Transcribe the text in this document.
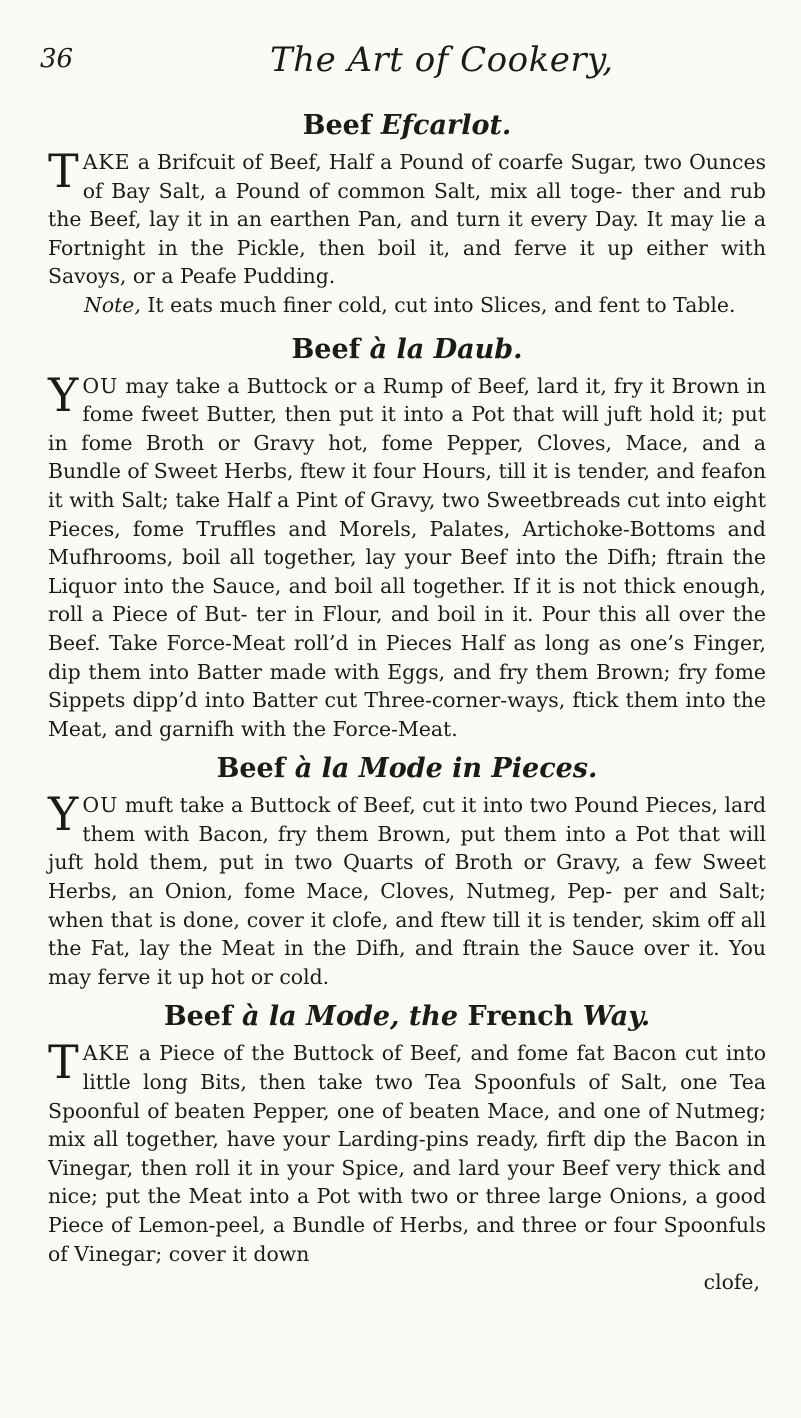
36	The Art of Cookery,
Beef Efcarlot.

TAKE a Brifcuit of Beef, Half a Pound of coarfe Sugar, two Ounces of Bay Salt, a Pound of common Salt, mix all toge- ther and rub the Beef, lay it in an earthen Pan, and turn it every Day. It may lie a Fortnight in the Pickle, then boil it, and ferve it up either with Savoys, or a Peafe Pudding.

Note, It eats much finer cold, cut into Slices, and fent to Table.

Beef à la Daub.

YOU may take a Buttock or a Rump of Beef, lard it, fry it Brown in fome fweet Butter, then put it into a Pot that will juft hold it; put in fome Broth or Gravy hot, fome Pepper, Cloves, Mace, and a Bundle of Sweet Herbs, ftew it four Hours, till it is tender, and feafon it with Salt; take Half a Pint of Gravy, two Sweetbreads cut into eight Pieces, fome Truffles and Morels, Palates, Artichoke-Bottoms and Mufhrooms, boil all together, lay your Beef into the Difh; ftrain the Liquor into the Sauce, and boil all together. If it is not thick enough, roll a Piece of But- ter in Flour, and boil in it. Pour this all over the Beef. Take Force-Meat roll’d in Pieces Half as long as one’s Finger, dip them into Batter made with Eggs, and fry them Brown; fry fome Sippets dipp’d into Batter cut Three-corner-ways, ftick them into the Meat, and garnifh with the Force-Meat.

Beef à la Mode in Pieces.

YOU muft take a Buttock of Beef, cut it into two Pound Pieces, lard them with Bacon, fry them Brown, put them into a Pot that will juft hold them, put in two Quarts of Broth or Gravy, a few Sweet Herbs, an Onion, fome Mace, Cloves, Nutmeg, Pep- per and Salt; when that is done, cover it clofe, and ftew till it is tender, skim off all the Fat, lay the Meat in the Difh, and ftrain the Sauce over it. You may ferve it up hot or cold.

Beef à la Mode, the French Way.

TAKE a Piece of the Buttock of Beef, and fome fat Bacon cut into little long Bits, then take two Tea Spoonfuls of Salt, one Tea Spoonful of beaten Pepper, one of beaten Mace, and one of Nutmeg; mix all together, have your Larding-pins ready, firft dip the Bacon in Vinegar, then roll it in your Spice, and lard your Beef very thick and nice; put the Meat into a Pot with two or three large Onions, a good Piece of Lemon-peel, a Bundle of Herbs, and three or four Spoonfuls of Vinegar; cover it down

clofe,
